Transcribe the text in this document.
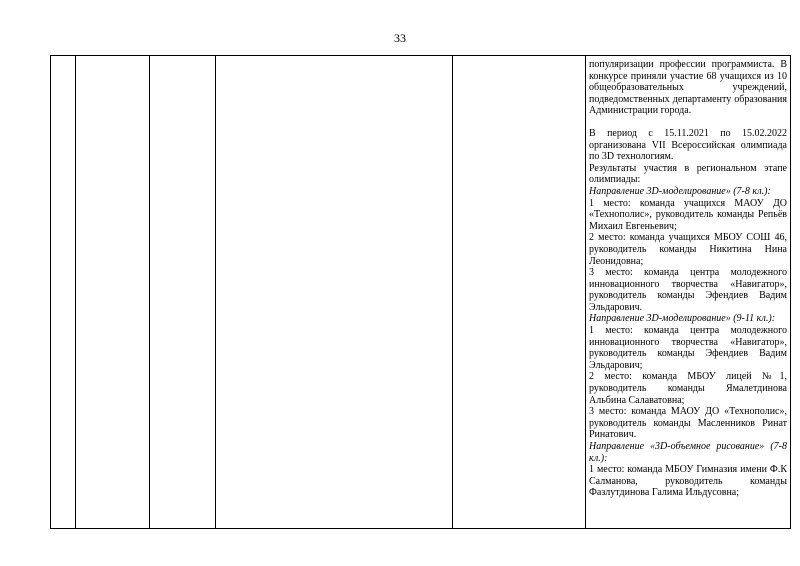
33

популяризации профессии программиста. В конкурсе приняли участие 68 учащихся из 10 общеобразовательных учреждений, подведомственных департаменту образования Администрации города.

В период с 15.11.2021 по 15.02.2022 организована VII Всероссийская олимпиада по 3D технологиям.

Результаты участия в региональном этапе олимпиады:

Направление 3D-моделирование» (7-8 кл.):

1 место: команда учащихся МАОУ ДО «Технополис», руководитель команды Репьёв Михаил Евгеньевич;

2 место: команда учащихся МБОУ СОШ 46, руководитель команды Никитина Нина Леонидовна;

3 место: команда центра молодежного инновационного творчества «Навигатор», руководитель команды Эфендиев Вадим Эльдарович.

Направление 3D-моделирование» (9-11 кл.):

1 место: команда центра молодежного инновационного творчества «Навигатор», руководитель команды Эфендиев Вадим Эльдарович;

2 место: команда МБОУ лицей №1, руководитель команды Ямалетдинова Альбина Салаватовна;

3 место: команда МАОУ ДО «Технополис», руководитель команды Масленников Ринат Ринатович.

Направление «3D-объемное рисование» (7-8 кл.):

1 место: команда МБОУ Гимназия имени Ф.К Салманова, руководитель команды Фазлутдинова Галима Ильдусовна;
